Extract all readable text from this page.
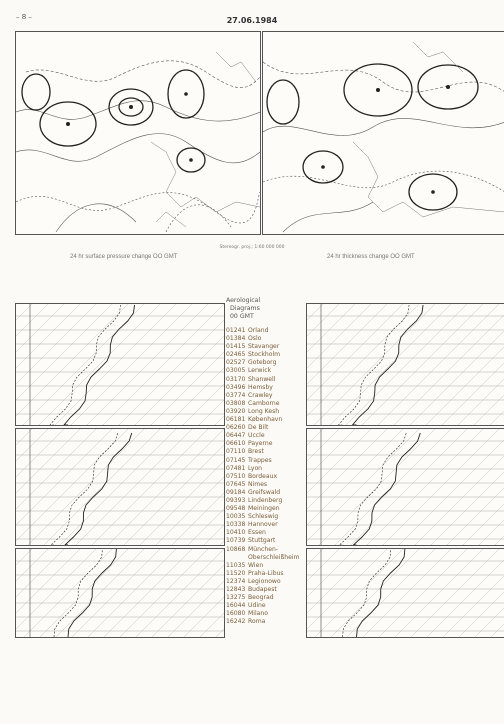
– 8 –	27.06.1984
Stereogr. proj.; 1:60 000 000
24 hr surface pressure change OO GMT	24 hr thickness change OO GMT
Aerological
Diagrams
00 GMT
01241 Orland
01384 Oslo
01415 Stavanger
02465 Stockholm
02527 Goteborg
03005 Lerwick
03170 Shanwell
03496 Hemsby
03774 Crawley
03808 Camborne
03920 Long Kesh
06181 København
06260 De Bilt
06447 Uccle
06610 Payerne
07110 Brest
07145 Trappes
07481 Lyon
07510 Bordeaux
07645 Nimes
09184 Greifswald
09393 Lindenberg
09548 Meiningen
10035 Schleswig
10338 Hannover
10410 Essen
10739 Stuttgart
10868 München-
Oberschleißheim
11035 Wien
11520 Praha-Libus
12374 Legionowo
12843 Budapest
13275 Beograd
16044 Udine
16080 Milano
16242 Roma
